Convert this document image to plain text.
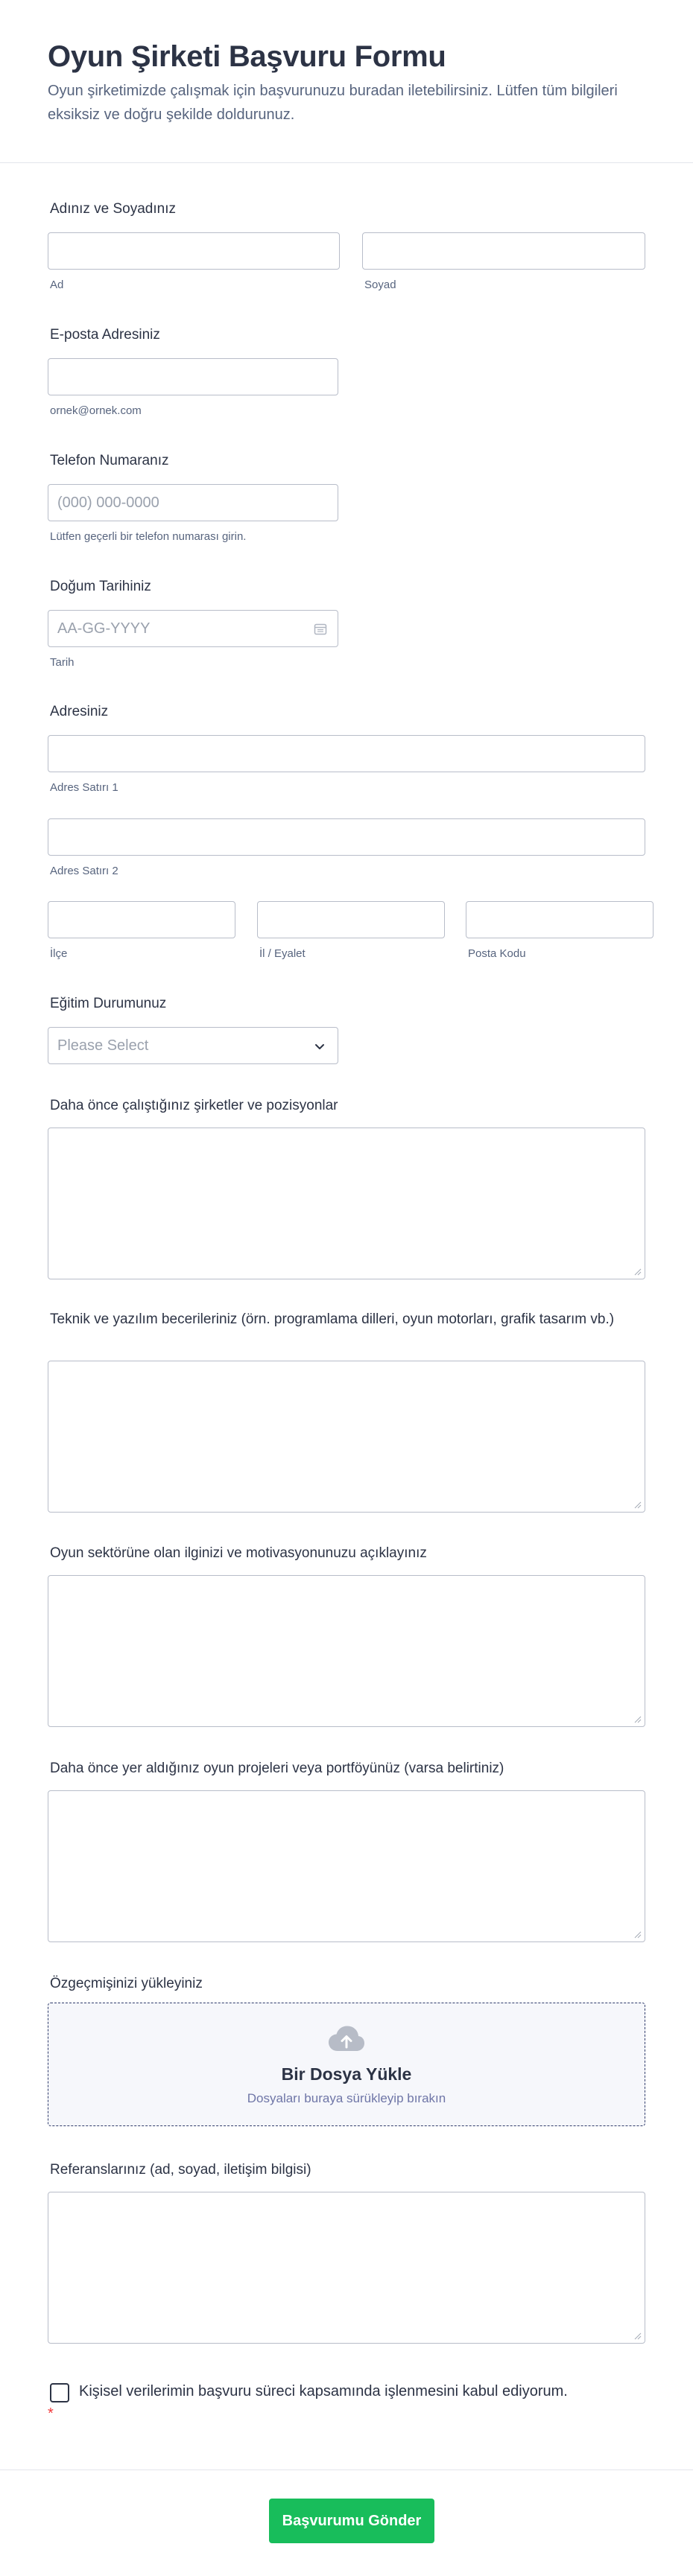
Oyun Şirketi Başvuru Formu

Oyun şirketimizde çalışmak için başvurunuzu buradan iletebilirsiniz. Lütfen tüm bilgileri eksiksiz ve doğru şekilde doldurunuz.

Adınız ve Soyadınız
Ad	Soyad
E-posta Adresiniz
ornek@ornek.com
Telefon Numaranız
(000) 000-0000
Lütfen geçerli bir telefon numarası girin.
Doğum Tarihiniz
AA-GG-YYYY
Tarih
Adresiniz
Adres Satırı 1
Adres Satırı 2
İlçe	İl / Eyalet	Posta Kodu
Eğitim Durumunuz
Please Select
Daha önce çalıştığınız şirketler ve pozisyonlar
Teknik ve yazılım becerileriniz (örn. programlama dilleri, oyun motorları, grafik tasarım vb.)
Oyun sektörüne olan ilginizi ve motivasyonunuzu açıklayınız
Daha önce yer aldığınız oyun projeleri veya portföyünüz (varsa belirtiniz)
Özgeçmişinizi yükleyiniz
Bir Dosya Yükle
Dosyaları buraya sürükleyip bırakın
Referanslarınız (ad, soyad, iletişim bilgisi)
Kişisel verilerimin başvuru süreci kapsamında işlenmesini kabul ediyorum. *
Başvurumu Gönder
